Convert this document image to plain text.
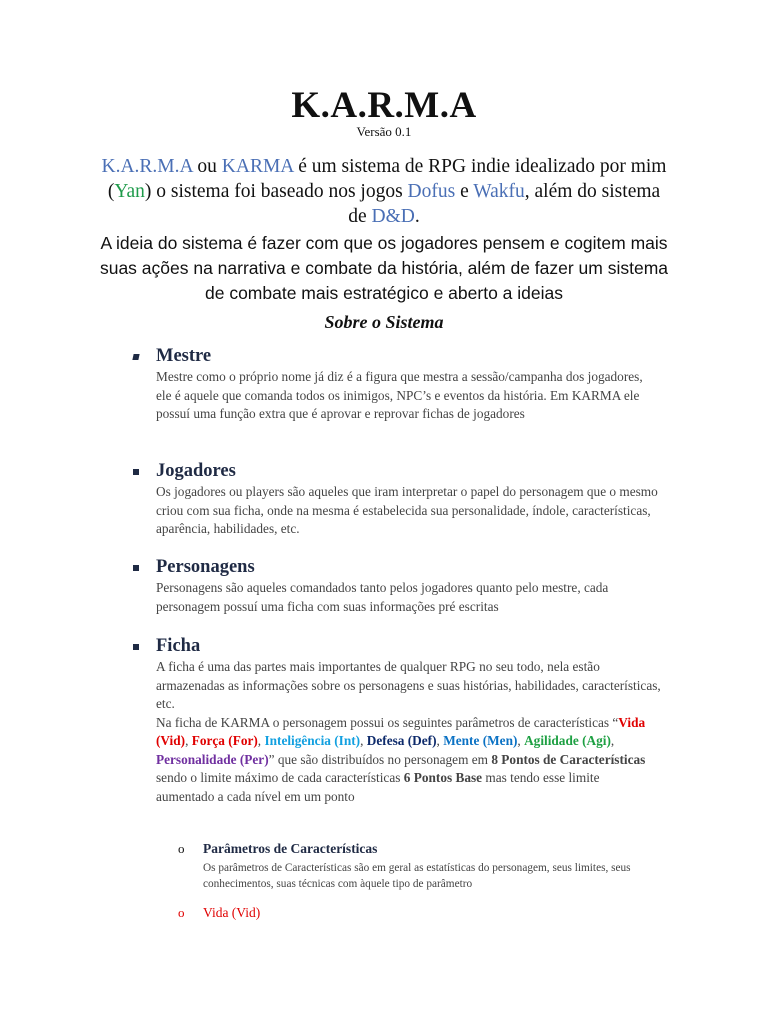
K.A.R.M.A
Versão 0.1
K.A.R.M.A ou KARMA é um sistema de RPG indie idealizado por mim (Yan) o sistema foi baseado nos jogos Dofus e Wakfu, além do sistema de D&D.
A ideia do sistema é fazer com que os jogadores pensem e cogitem mais suas ações na narrativa e combate da história, além de fazer um sistema de combate mais estratégico e aberto a ideias
Sobre o Sistema
Mestre
Mestre como o próprio nome já diz é a figura que mestra a sessão/campanha dos jogadores, ele é aquele que comanda todos os inimigos, NPC’s e eventos da história. Em KARMA ele possuí uma função extra que é aprovar e reprovar fichas de jogadores
Jogadores
Os jogadores ou players são aqueles que iram interpretar o papel do personagem que o mesmo criou com sua ficha, onde na mesma é estabelecida sua personalidade, índole, características, aparência, habilidades, etc.
Personagens
Personagens são aqueles comandados tanto pelos jogadores quanto pelo mestre, cada personagem possuí uma ficha com suas informações pré escritas
Ficha
A ficha é uma das partes mais importantes de qualquer RPG no seu todo, nela estão armazenadas as informações sobre os personagens e suas histórias, habilidades, características, etc.
Na ficha de KARMA o personagem possui os seguintes parâmetros de características “Vida (Vid), Força (For), Inteligência (Int), Defesa (Def), Mente (Men), Agilidade (Agi), Personalidade (Per)” que são distribuídos no personagem em 8 Pontos de Características sendo o limite máximo de cada características 6 Pontos Base mas tendo esse limite aumentado a cada nível em um ponto
o Parâmetros de Características
Os parâmetros de Características são em geral as estatísticas do personagem, seus limites, seus conhecimentos, suas técnicas com àquele tipo de parâmetro
o Vida (Vid)
